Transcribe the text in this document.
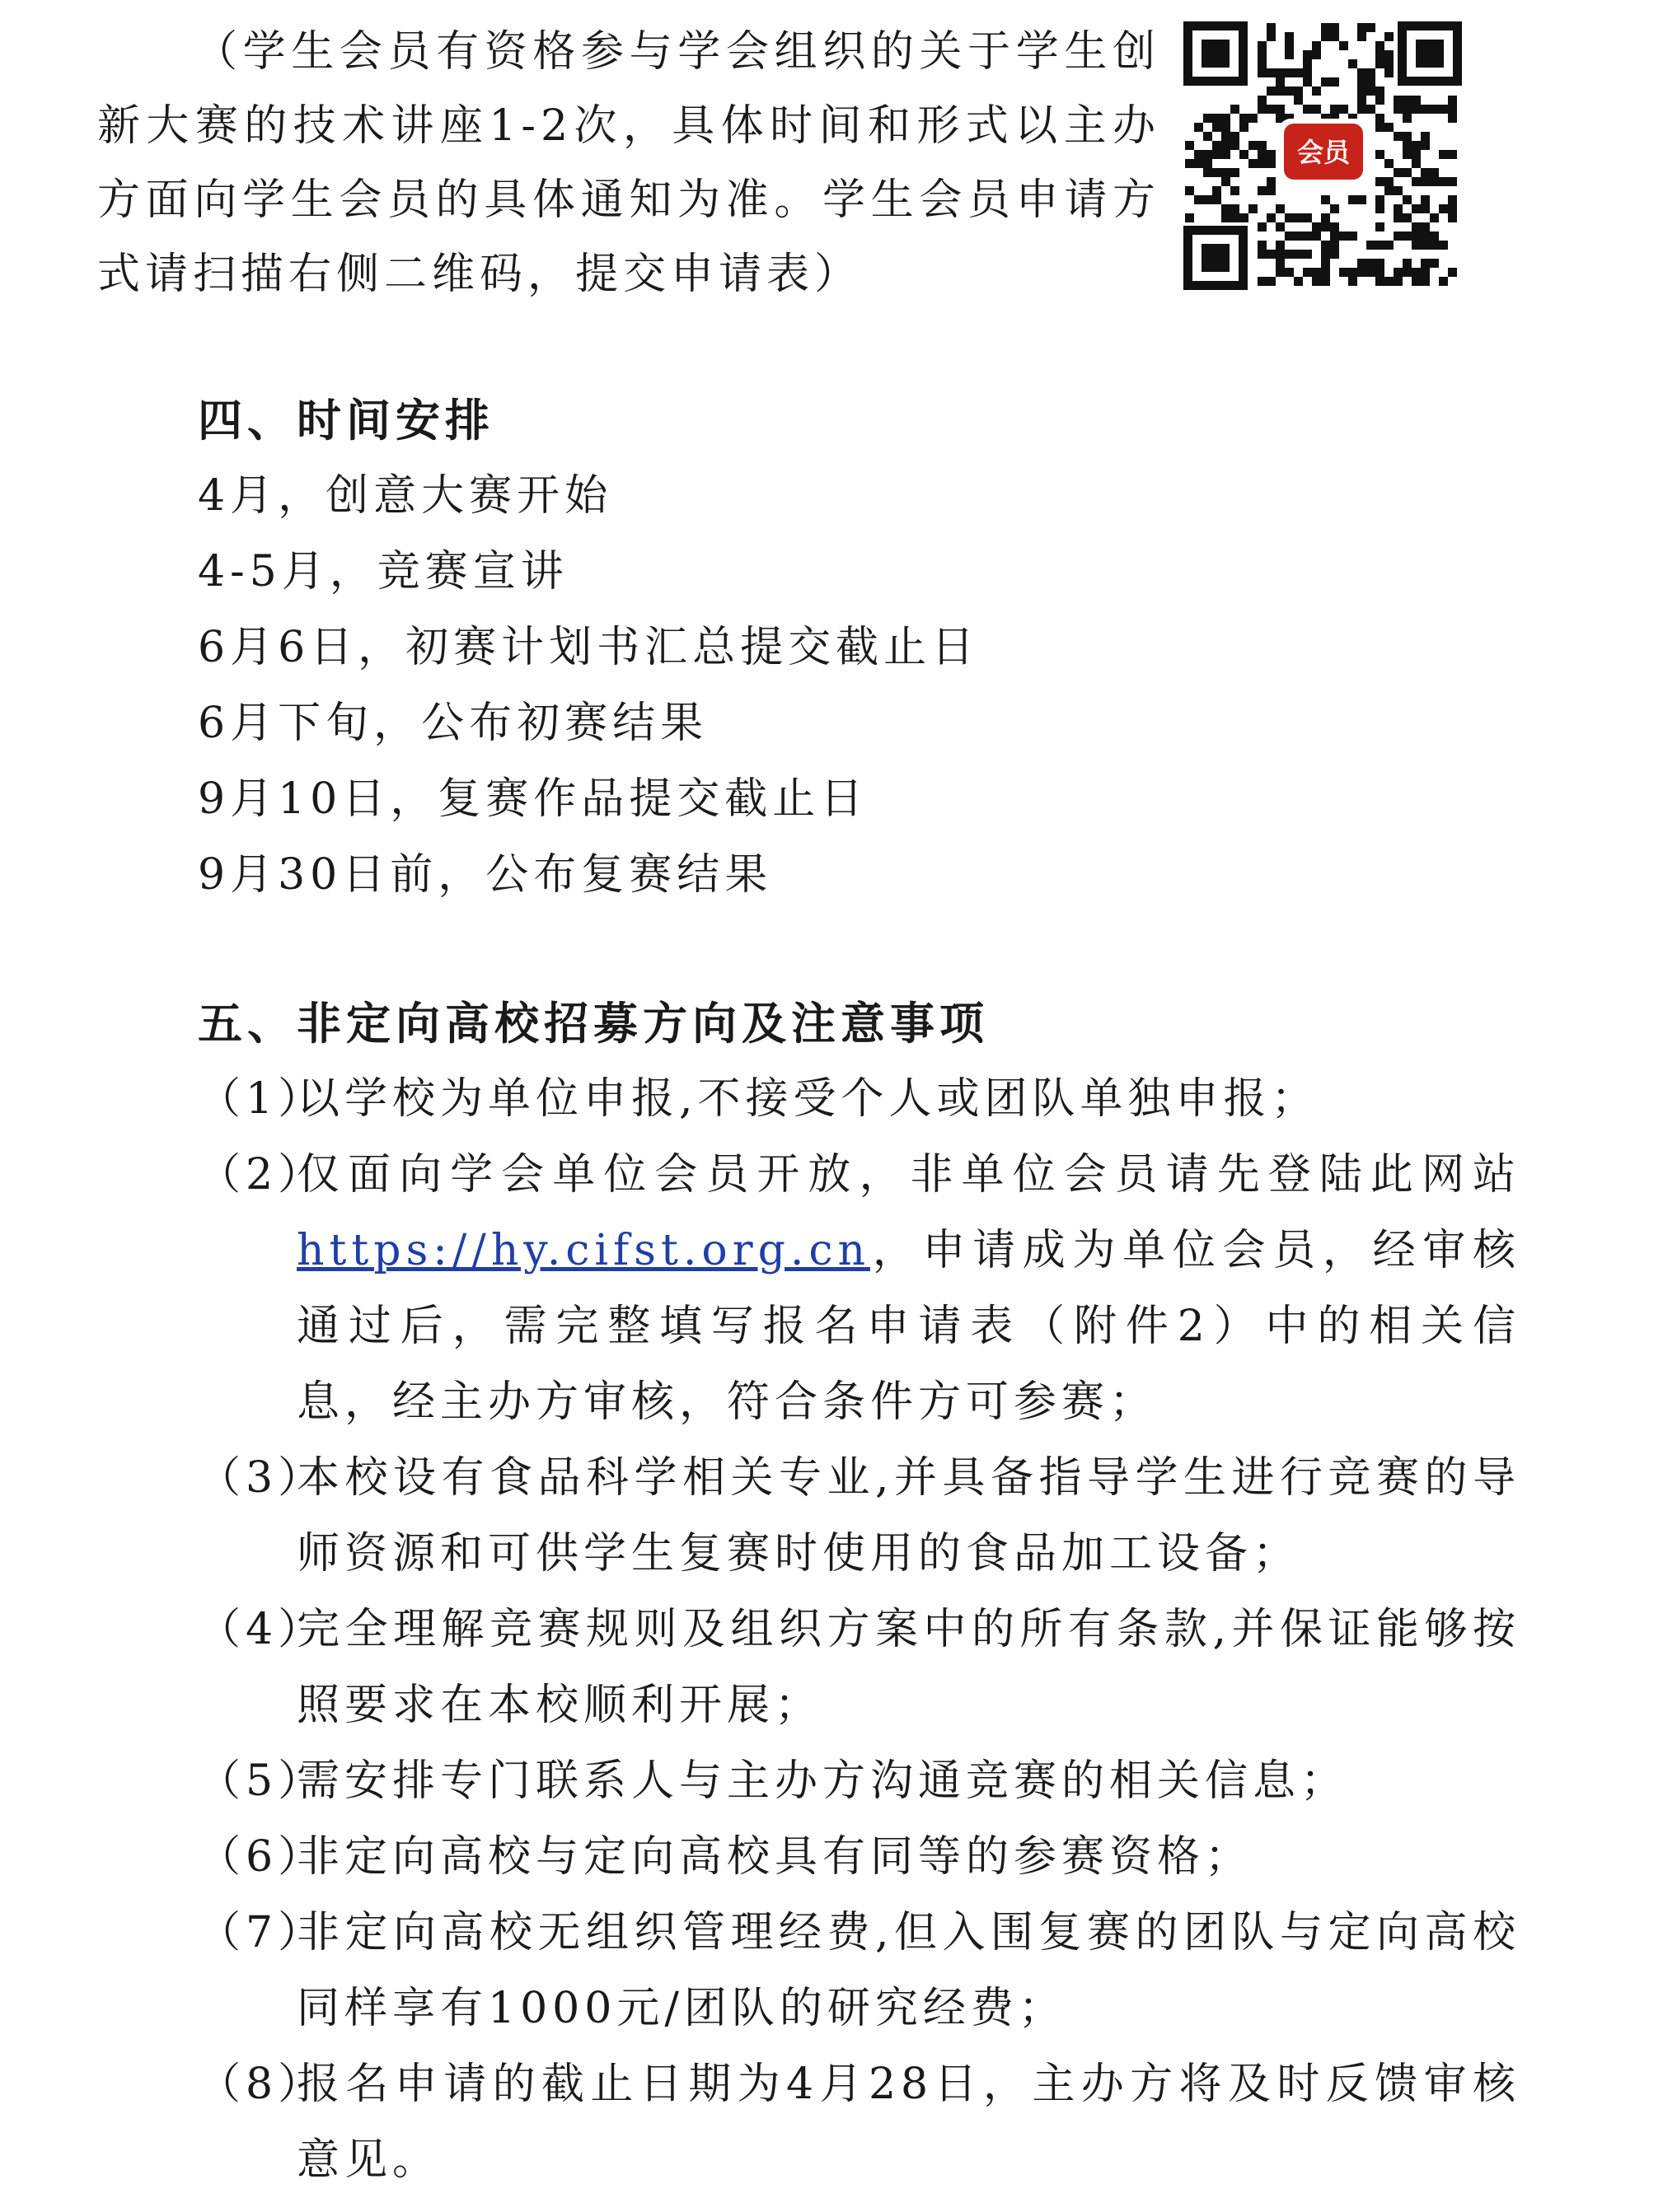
（学生会员有资格参与学会组织的关于学生创新大赛的技术讲座1-2次，具体时间和形式以主办方面向学生会员的具体通知为准。学生会员申请方式请扫描右侧二维码，提交申请表）

会员
四、时间安排
4月，创意大赛开始
4-5月，竞赛宣讲
6月6日，初赛计划书汇总提交截止日
6月下旬，公布初赛结果
9月10日，复赛作品提交截止日
9月30日前，公布复赛结果
五、非定向高校招募方向及注意事项
（1）以学校为单位申报,不接受个人或团队单独申报；
（2）仅面向学会单位会员开放，非单位会员请先登陆此网站https://hy.cifst.org.cn，申请成为单位会员，经审核通过后，需完整填写报名申请表（附件2）中的相关信息，经主办方审核，符合条件方可参赛；
（3）本校设有食品科学相关专业,并具备指导学生进行竞赛的导师资源和可供学生复赛时使用的食品加工设备；
（4）完全理解竞赛规则及组织方案中的所有条款,并保证能够按照要求在本校顺利开展；
（5）需安排专门联系人与主办方沟通竞赛的相关信息；
（6）非定向高校与定向高校具有同等的参赛资格；
（7）非定向高校无组织管理经费,但入围复赛的团队与定向高校同样享有1000元/团队的研究经费；
（8）报名申请的截止日期为4月28日，主办方将及时反馈审核意见。
